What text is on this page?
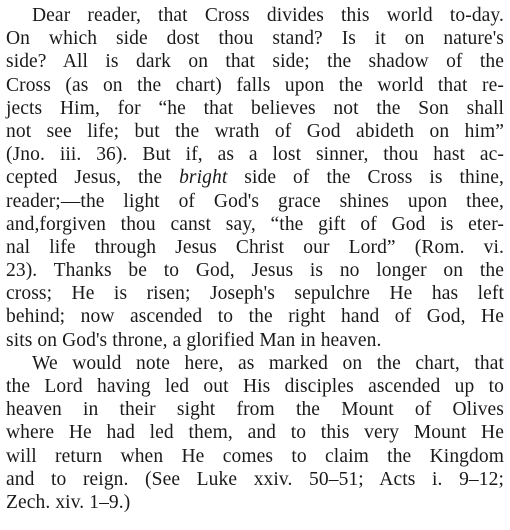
Dear reader, that Cross divides this world to-day.
On which side dost thou stand? Is it on nature's
side? All is dark on that side; the shadow of the
Cross (as on the chart) falls upon the world that re-
jects Him, for “he that believes not the Son shall
not see life; but the wrath of God abideth on him”
(Jno. iii. 36). But if, as a lost sinner, thou hast ac-
cepted Jesus, the bright side of the Cross is thine,
reader;—the light of God's grace shines upon thee,
and,forgiven thou canst say, “the gift of God is eter-
nal life through Jesus Christ our Lord” (Rom. vi.
23). Thanks be to God, Jesus is no longer on the
cross; He is risen; Joseph's sepulchre He has left
behind; now ascended to the right hand of God, He
sits on God's throne, a glorified Man in heaven.
We would note here, as marked on the chart, that
the Lord having led out His disciples ascended up to
heaven in their sight from the Mount of Olives
where He had led them, and to this very Mount He
will return when He comes to claim the Kingdom
and to reign. (See Luke xxiv. 50–51; Acts i. 9–12;
Zech. xiv. 1–9.)
